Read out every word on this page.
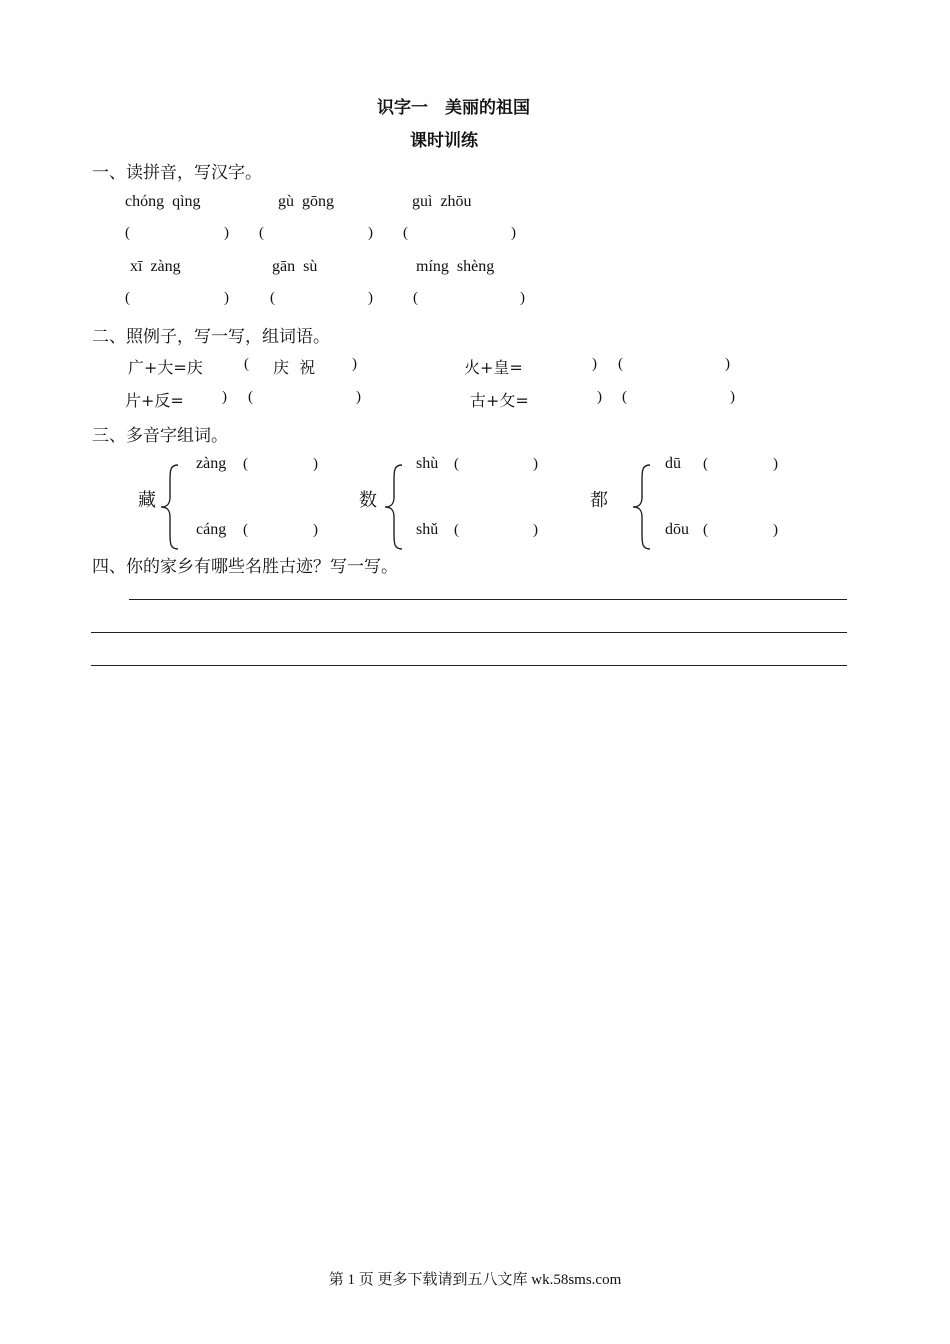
识字一　美丽的祖国
课时训练
一、读拼音，写汉字。
chóng  qìng	gù  gōng	guì  zhōu
(	) (	) (	)
xī  zàng	gān  sù	míng  shèng
(	)	(	)	(	)
二、照例子，写一写，组词语。
广+大=庆	( 庆  祝 )	火+皇=	) (	)
片+反=	) (	)	古+攵=	) (	)
三、多音字组词。
藏
zàng (	)
cáng (	)
数
shù (	)
shǔ (	)
都
dū (	)
dōu (	)
四、你的家乡有哪些名胜古迹？写一写。
第 1 页 更多下载请到五八文库 wk.58sms.com
